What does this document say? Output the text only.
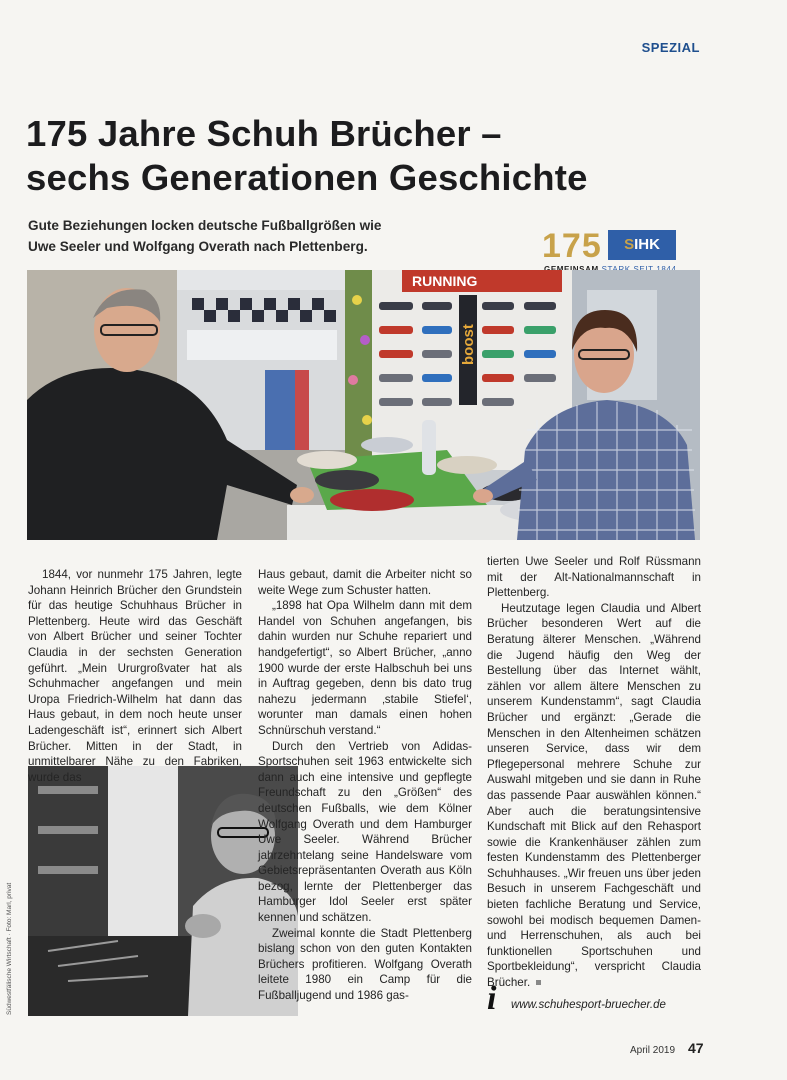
SPEZIAL
175 Jahre Schuh Brücher –
sechs Generationen Geschichte

Gute Beziehungen locken deutsche Fußballgrößen wie
Uwe Seeler und Wolfgang Overath nach Plettenberg.	175	SIHK
RUNNING
boost

1844, vor nunmehr 175 Jahren, legte Johann Heinrich Brücher den Grundstein für das heutige Schuhhaus Brücher in Plettenberg. Heute wird das Geschäft von Albert Brücher und seiner Tochter Claudia in der sechsten Generation geführt. „Mein Ururgroßvater hat als Schuhmacher angefangen und mein Uropa Friedrich-Wilhelm hat dann das Haus gebaut, in dem noch heute unser Ladengeschäft ist“, erinnert sich Albert Brücher. Mitten in der Stadt, in unmittelbarer Nähe zu den Fabriken, wurde das

Haus gebaut, damit die Arbeiter nicht so weite Wege zum Schuster hatten.

„1898 hat Opa Wilhelm dann mit dem Handel von Schuhen angefangen, bis dahin wurden nur Schuhe repariert und handgefertigt“, so Albert Brücher, „anno 1900 wurde der erste Halbschuh bei uns in Auftrag gegeben, denn bis dato trug nahezu jedermann ‚stabile Stiefel‘, worunter man damals einen hohen Schnürschuh verstand.“

Durch den Vertrieb von Adidas-Sportschuhen seit 1963 entwickelte sich dann auch eine intensive und gepflegte Freundschaft zu den „Größen“ des deutschen Fußballs, wie dem Kölner Wolfgang Overath und dem Hamburger Uwe Seeler. Während Brücher jahrzehntelang seine Handelsware vom Gebietsrepräsentanten Overath aus Köln bezog, lernte der Plettenberger das Hamburger Idol Seeler erst später kennen und schätzen.

Zweimal konnte die Stadt Plettenberg bislang schon von den guten Kontakten Brüchers profitieren. Wolfgang Overath leitete 1980 ein Camp für die Fußballjugend und 1986 gas-

tierten Uwe Seeler und Rolf Rüssmann mit der Alt-Nationalmannschaft in Plettenberg.

Heutzutage legen Claudia und Albert Brücher besonderen Wert auf die Beratung älterer Menschen. „Während die Jugend häufig den Weg der Bestellung über das Internet wählt, zählen vor allem ältere Menschen zu unserem Kundenstamm“, sagt Claudia Brücher und ergänzt: „Gerade die Menschen in den Altenheimen schätzen unseren Service, dass wir dem Pflegepersonal mehrere Schuhe zur Auswahl mitgeben und sie dann in Ruhe das passende Paar auswählen können.“ Aber auch die beratungsintensive Kundschaft mit Blick auf den Rehasport sowie die Krankenhäuser zählen zum festen Kundenstamm des Plettenberger Schuhhauses. „Wir freuen uns über jeden Besuch in unserem Fachgeschäft und bieten fachliche Beratung und Service, sowohl bei modisch bequemen Damen- und Herrenschuhen, als auch bei funktionellen Sportschuhen und Sportbekleidung“, verspricht Claudia Brücher.

i www.schuhesport-bruecher.de
Südwestfälische Wirtschaft · Foto: Marl, privat
April 2019 47
